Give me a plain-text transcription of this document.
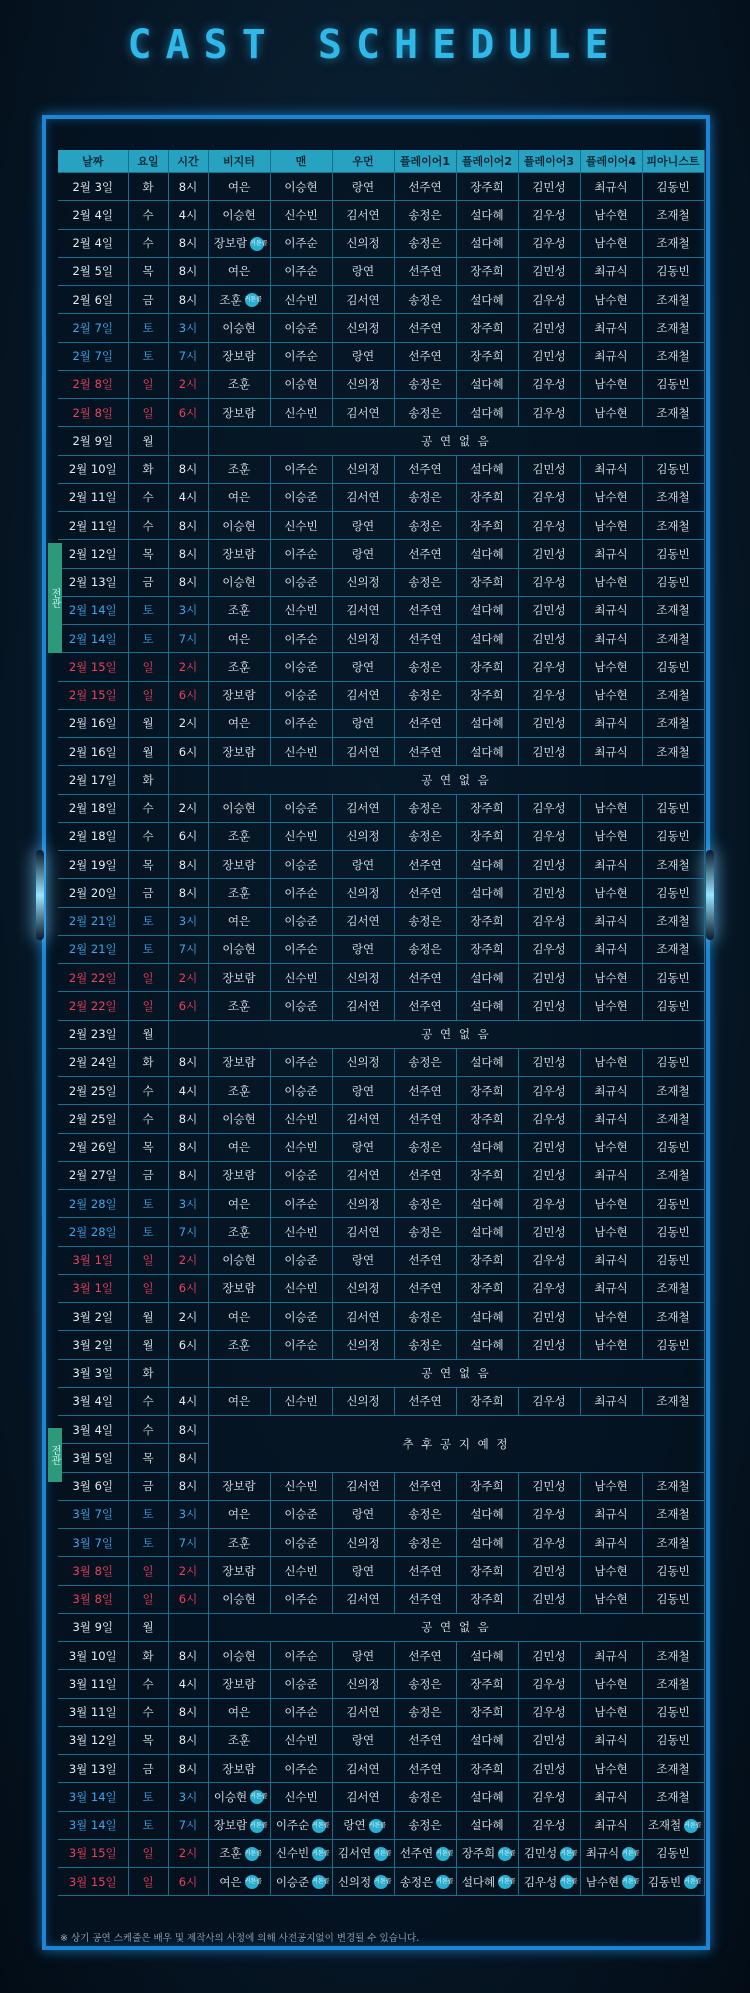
CAST SCHEDULE
날짜	요일	시간	비지터	맨	우먼	플레이어1	플레이어2	플레이어3	플레이어4	피아니스트
2월 3일	화	8시	여은	이승현	랑연	선주연	장주희	김민성	최규식	김동빈
2월 4일	수	4시	이승현	신수빈	김서연	송정은	설다혜	김우성	남수현	조재철
2월 4일	수	8시	장보람 커튼콜	이주순	신의정	송정은	설다혜	김우성	남수현	조재철
2월 5일	목	8시	여은	이주순	랑연	선주연	장주희	김민성	최규식	김동빈
2월 6일	금	8시	조훈 커튼콜	신수빈	김서연	송정은	설다혜	김우성	남수현	조재철
2월 7일	토	3시	이승현	이승준	신의정	선주연	장주희	김민성	최규식	조재철
2월 7일	토	7시	장보람	이주순	랑연	선주연	장주희	김민성	최규식	조재철
2월 8일	일	2시	조훈	이승현	신의정	송정은	설다혜	김우성	남수현	김동빈
2월 8일	일	6시	장보람	신수빈	김서연	송정은	설다혜	김우성	남수현	조재철
2월 9일	월		공 연 없 음							
2월 10일	화	8시	조훈	이주순	신의정	선주연	설다혜	김민성	최규식	김동빈
2월 11일	수	4시	여은	이승준	김서연	송정은	장주희	김우성	남수현	조재철
2월 11일	수	8시	이승현	신수빈	랑연	송정은	장주희	김우성	남수현	조재철
2월 12일	목	8시	장보람	이주순	랑연	선주연	설다혜	김민성	최규식	김동빈
2월 13일	금	8시	이승현	이승준	신의정	송정은	장주희	김우성	남수현	김동빈
2월 14일	토	3시	조훈	신수빈	김서연	선주연	설다혜	김민성	최규식	조재철
2월 14일	토	7시	여은	이주순	신의정	선주연	설다혜	김민성	최규식	조재철
2월 15일	일	2시	조훈	이승준	랑연	송정은	장주희	김우성	남수현	김동빈
2월 15일	일	6시	장보람	이승준	김서연	송정은	장주희	김우성	남수현	조재철
2월 16일	월	2시	여은	이주순	랑연	선주연	설다혜	김민성	최규식	조재철
2월 16일	월	6시	장보람	신수빈	김서연	선주연	설다혜	김민성	최규식	조재철
2월 17일	화		공 연 없 음							
2월 18일	수	2시	이승현	이승준	김서연	송정은	장주희	김우성	남수현	김동빈
2월 18일	수	6시	조훈	신수빈	신의정	송정은	장주희	김우성	남수현	김동빈
2월 19일	목	8시	장보람	이승준	랑연	선주연	설다혜	김민성	최규식	조재철
2월 20일	금	8시	조훈	이주순	신의정	선주연	설다혜	김민성	남수현	김동빈
2월 21일	토	3시	여은	이승준	김서연	송정은	장주희	김우성	최규식	조재철
2월 21일	토	7시	이승현	이주순	랑연	송정은	장주희	김우성	최규식	조재철
2월 22일	일	2시	장보람	신수빈	신의정	선주연	설다혜	김민성	남수현	김동빈
2월 22일	일	6시	조훈	이승준	김서연	선주연	설다혜	김민성	남수현	김동빈
2월 23일	월		공 연 없 음							
2월 24일	화	8시	장보람	이주순	신의정	송정은	설다혜	김민성	남수현	김동빈
2월 25일	수	4시	조훈	이승준	랑연	선주연	장주희	김우성	최규식	조재철
2월 25일	수	8시	이승현	신수빈	김서연	선주연	장주희	김우성	최규식	조재철
2월 26일	목	8시	여은	신수빈	랑연	송정은	설다혜	김민성	남수현	김동빈
2월 27일	금	8시	장보람	이승준	김서연	선주연	장주희	김민성	최규식	조재철
2월 28일	토	3시	여은	이주순	신의정	송정은	설다혜	김우성	남수현	김동빈
2월 28일	토	7시	조훈	신수빈	김서연	송정은	설다혜	김민성	남수현	김동빈
3월 1일	일	2시	이승현	이승준	랑연	선주연	장주희	김우성	최규식	김동빈
3월 1일	일	6시	장보람	신수빈	신의정	선주연	장주희	김우성	최규식	조재철
3월 2일	월	2시	여은	이승준	김서연	송정은	설다혜	김민성	남수현	조재철
3월 2일	월	6시	조훈	이주순	신의정	송정은	설다혜	김민성	남수현	김동빈
3월 3일	화		공 연 없 음							
3월 4일	수	4시	여은	신수빈	신의정	선주연	장주희	김우성	최규식	조재철
3월 4일	수	8시	추 후 공 지 예 정							
3월 5일	목	8시								
3월 6일	금	8시	장보람	신수빈	김서연	선주연	장주희	김민성	남수현	조재철
3월 7일	토	3시	여은	이승준	랑연	송정은	설다혜	김우성	최규식	조재철
3월 7일	토	7시	조훈	이승준	신의정	송정은	설다혜	김우성	최규식	조재철
3월 8일	일	2시	장보람	신수빈	랑연	선주연	장주희	김민성	남수현	김동빈
3월 8일	일	6시	이승현	이주순	김서연	선주연	장주희	김민성	남수현	김동빈
3월 9일	월		공 연 없 음							
3월 10일	화	8시	이승현	이주순	랑연	선주연	설다혜	김민성	최규식	조재철
3월 11일	수	4시	장보람	이승준	신의정	송정은	장주희	김우성	남수현	조재철
3월 11일	수	8시	여은	이주순	김서연	송정은	장주희	김우성	남수현	김동빈
3월 12일	목	8시	조훈	신수빈	랑연	선주연	설다혜	김민성	최규식	김동빈
3월 13일	금	8시	장보람	이주순	김서연	선주연	장주희	김민성	남수현	조재철
3월 14일	토	3시	이승현 커튼콜	신수빈	김서연	송정은	설다혜	김우성	최규식	조재철
3월 14일	토	7시	장보람 커튼콜	이주순 커튼콜	랑연 커튼콜	송정은	설다혜	김우성	최규식	조재철 커튼콜
3월 15일	일	2시	조훈 커튼콜	신수빈 커튼콜	김서연 커튼콜	선주연 커튼콜	장주희 커튼콜	김민성 커튼콜	최규식 커튼콜	김동빈
3월 15일	일	6시	여은 커튼콜	이승준 커튼콜	신의정 커튼콜	송정은 커튼콜	설다혜 커튼콜	김우성 커튼콜	남수현 커튼콜	김동빈 커튼콜
전관
전관
※ 상기 공연 스케줄은 배우 및 제작사의 사정에 의해 사전공지없이 변경될 수 있습니다.
